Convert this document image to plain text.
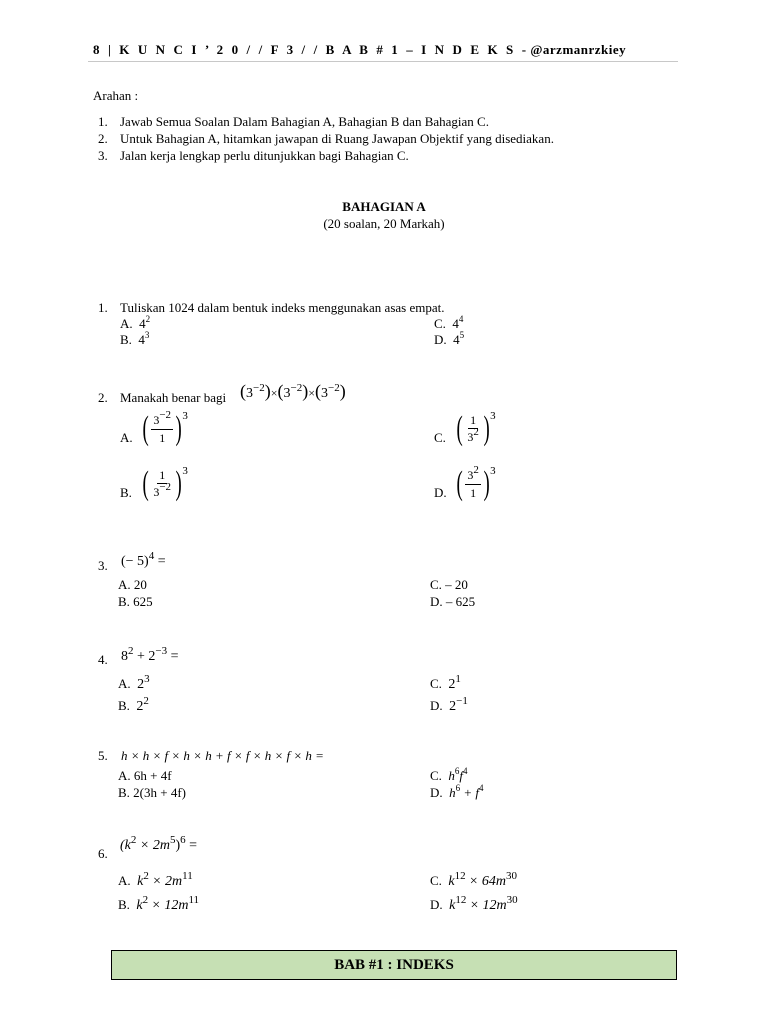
8 | K U N C I ’ 2 0 / / F 3 / / B A B # 1 – I N D E K S - @arzmanrzkiey
Arahan :
1. Jawab Semua Soalan Dalam Bahagian A, Bahagian B dan Bahagian C.
2. Untuk Bahagian A, hitamkan jawapan di Ruang Jawapan Objektif yang disediakan.
3. Jalan kerja lengkap perlu ditunjukkan bagi Bahagian C.
BAHAGIAN A
(20 soalan, 20 Markah)
1. Tuliskan 1024 dalam bentuk indeks menggunakan asas empat.
A. $4^2$
B. $4^3$
C. $4^4$
D. $4^5$
2. Manakah benar bagi $(3^{-2})\times(3^{-2})\times(3^{-2})$
A. ( $\frac{3-2}{1}$ ) 3
B. ( $\frac{1}{3-2}$ ) 3
C. ( $\frac{1}{32}$ ) 3
D. ( $\frac{32}{1}$ ) 3
3. (− 5)$^4$ =
A. 20
B. 625
C. – 20
D. – 625
4. $8^2 + 2^{-3}$ =
A. $2^3$
B. $2^2$
C. $2^1$
D. $2^{-1}$
5. h × h × f × h × h + f × f × h × f × h =
A. 6h + 4f
B. 2(3h + 4f)
C. $h^6f^4$
D. $h^6 + f^4$
6.
$(k^2 \times 2m^5)^6$ =
A. $k^2 \times 2m^{11}$
B. $k^2 \times 12m^{11}$
C. $k^{12} \times 64m^{30}$
D. $k^{12} \times 12m^{30}$
BAB #1 : INDEKS
